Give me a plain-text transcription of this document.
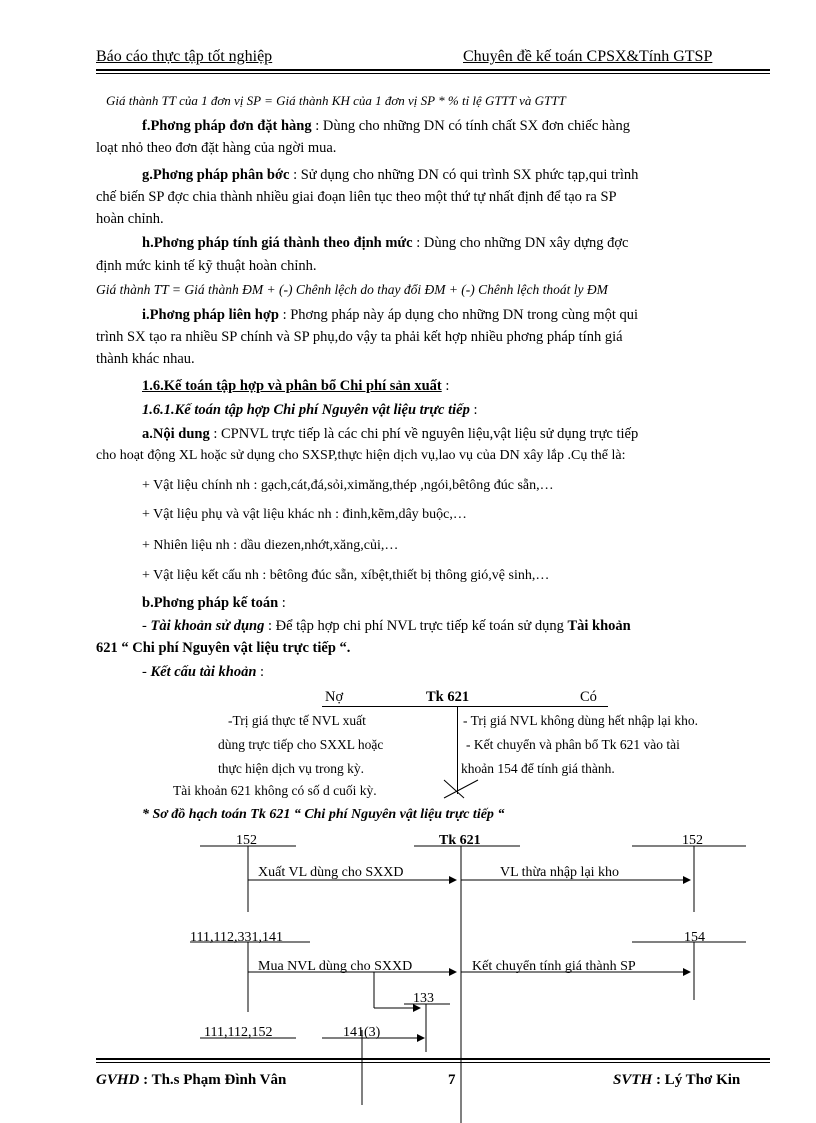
Báo cáo thực tập tốt nghiệp	Chuyên đề kế toán CPSX&Tính GTSP
Giá thành TT của 1 đơn vị SP = Giá thành KH của 1 đơn vị SP * % tỉ lệ GTTT và GTTT
f.Phơng pháp đơn đặt hàng : Dùng cho những DN có tính chất SX đơn chiếc hàng
loạt nhỏ theo đơn đặt hàng của ngời mua.
g.Phơng pháp phân bớc : Sử dụng cho những DN có qui trình SX phức tạp,qui trình
chế biến SP đợc chia thành nhiều giai đoạn liên tục theo một thứ tự nhất định để tạo ra SP
hoàn chỉnh.
h.Phơng pháp tính giá thành theo định mức : Dùng cho những DN xây dựng đợc
định mức kinh tế kỹ thuật hoàn chỉnh.
Giá thành TT = Giá thành ĐM + (-) Chênh lệch do thay đổi ĐM + (-) Chênh lệch thoát ly ĐM
i.Phơng pháp liên hợp : Phơng pháp này áp dụng cho những DN trong cùng một qui
trình SX tạo ra nhiều SP chính và SP phụ,do vậy ta phải kết hợp nhiều phơng pháp tính giá
thành khác nhau.
1.6.Kế toán tập hợp và phân bổ Chi phí sản xuất :
1.6.1.Kế toán tập hợp Chi phí Nguyên vật liệu trực tiếp :
a.Nội dung : CPNVL trực tiếp là các chi phí về nguyên liệu,vật liệu sử dụng trực tiếp
cho hoạt động XL hoặc sử dụng cho SXSP,thực hiện dịch vụ,lao vụ của DN xây lắp .Cụ thể là:
+ Vật liệu chính nh : gạch,cát,đá,sỏi,ximăng,thép ,ngói,bêtông đúc sẵn,…
+ Vật liệu phụ và vật liệu khác nh : đinh,kẽm,dây buộc,…
+ Nhiên liệu nh : dầu diezen,nhớt,xăng,củi,…
+ Vật liệu kết cấu nh : bêtông đúc sẵn, xíbệt,thiết bị thông gió,vệ sinh,…
b.Phơng pháp kế toán :
- Tài khoản sử dụng : Để tập hợp chi phí NVL trực tiếp kế toán sử dụng Tài khoản
621 “ Chi phí Nguyên vật liệu trực tiếp “.
- Kết cấu tài khoản :
Nợ	Tk 621	Có
-Trị giá thực tế NVL xuất
dùng trực tiếp cho SXXL hoặc
thực hiện dịch vụ trong kỳ.
- Trị giá NVL không dùng hết nhập lại kho.
- Kết chuyển và phân bổ Tk 621 vào tài
khoản 154 để tính giá thành.
Tài khoản 621 không có số d cuối kỳ.
* Sơ đồ hạch toán Tk 621 “ Chi phí Nguyên vật liệu trực tiếp “
152	Tk 621	152
Xuất VL dùng cho SXXD	VL thừa nhập lại kho
111,112,331,141	154
Mua NVL dùng cho SXXD	Kết chuyển tính giá thành SP
133
111,112,152	141(3)
GVHD : Th.s Phạm Đình Vân	7	SVTH : Lý Thơ Kin
